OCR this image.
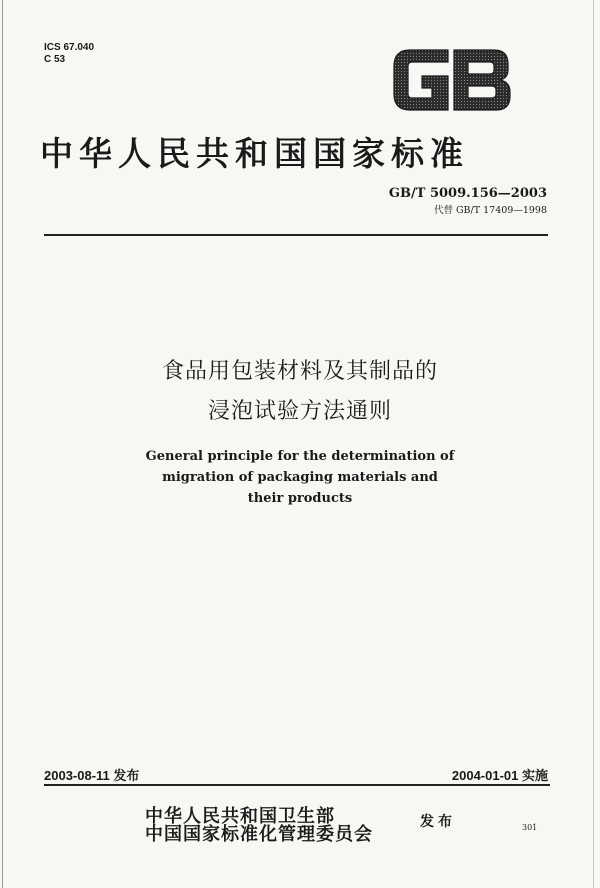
ICS 67.040
C 53
中华人民共和国国家标准
GB/T 5009.156—2003
代替 GB/T 17409—1998
食品用包装材料及其制品的
浸泡试验方法通则
General principle for the determination of
migration of packaging materials and
their products
2003-08-11 发布	2004-01-01 实施
中华人民共和国卫生部
中国国家标准化管理委员会
发布	301
